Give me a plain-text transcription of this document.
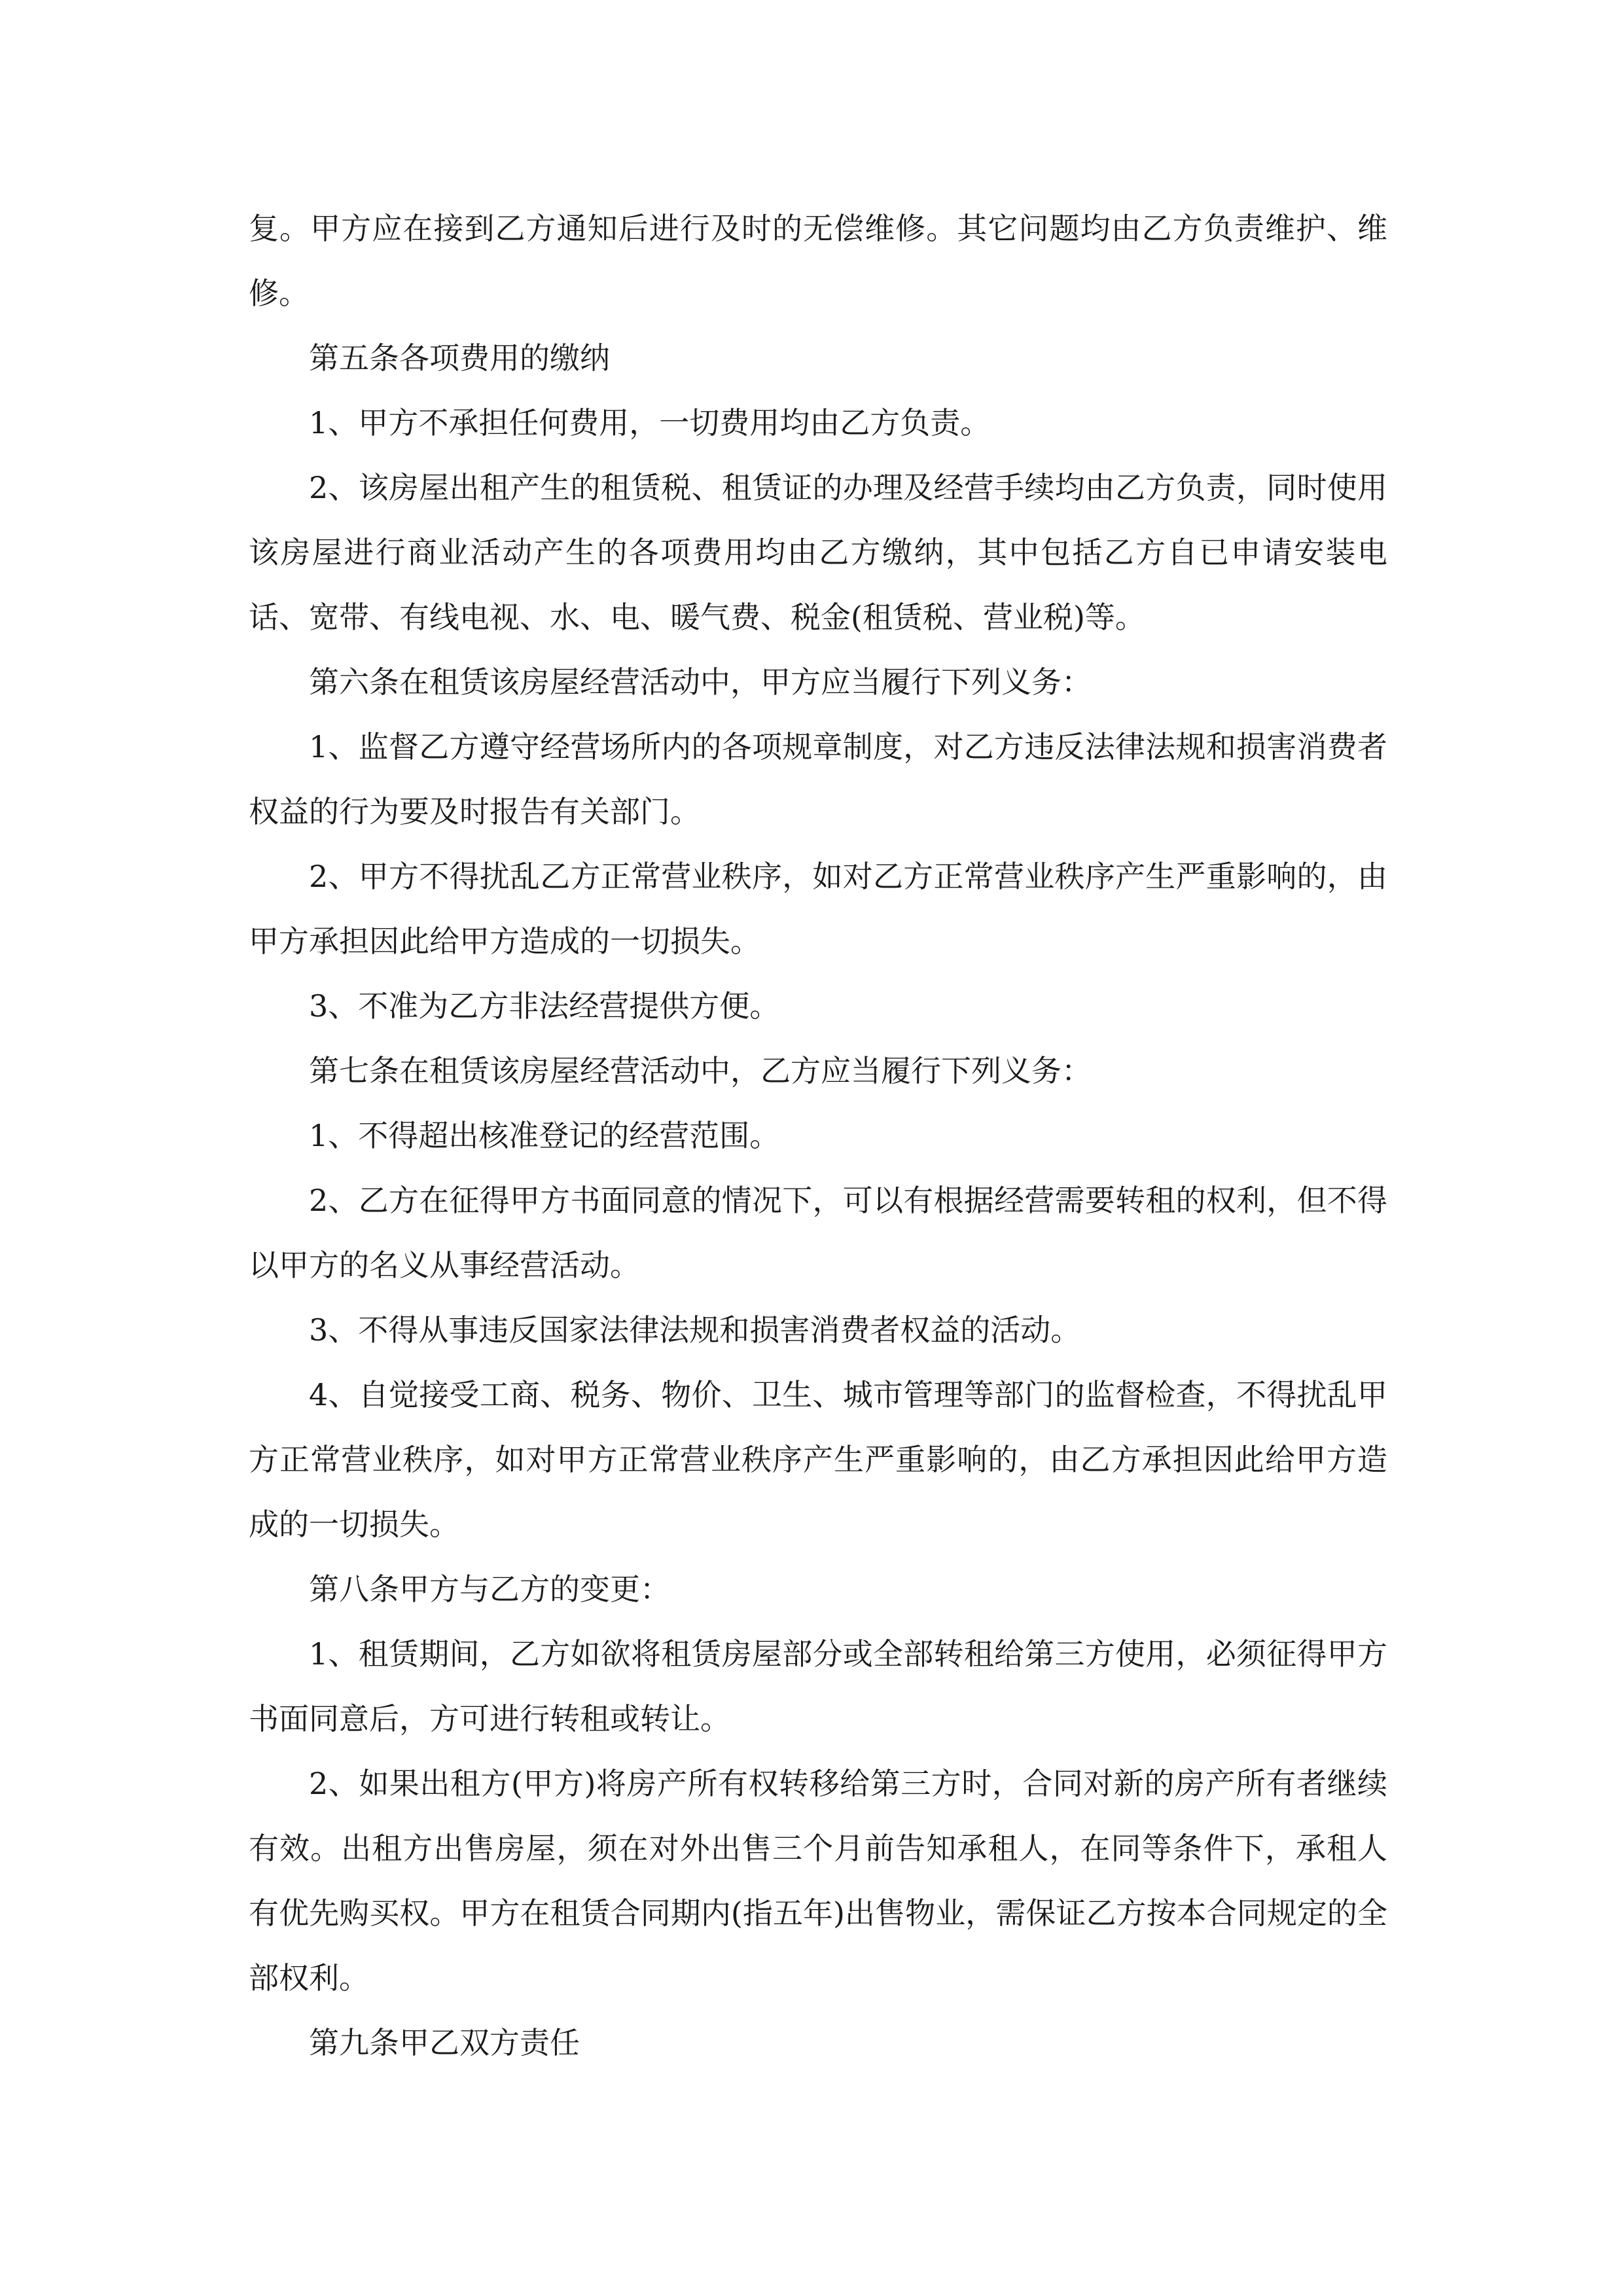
复。甲方应在接到乙方通知后进行及时的无偿维修。其它问题均由乙方负责维护、维修。

第五条各项费用的缴纳

1、甲方不承担任何费用，一切费用均由乙方负责。

2、该房屋出租产生的租赁税、租赁证的办理及经营手续均由乙方负责，同时使用该房屋进行商业活动产生的各项费用均由乙方缴纳，其中包括乙方自已申请安装电话、宽带、有线电视、水、电、暖气费、税金(租赁税、营业税)等。

第六条在租赁该房屋经营活动中，甲方应当履行下列义务：

1、监督乙方遵守经营场所内的各项规章制度，对乙方违反法律法规和损害消费者权益的行为要及时报告有关部门。

2、甲方不得扰乱乙方正常营业秩序，如对乙方正常营业秩序产生严重影响的，由甲方承担因此给甲方造成的一切损失。

3、不准为乙方非法经营提供方便。

第七条在租赁该房屋经营活动中，乙方应当履行下列义务：

1、不得超出核准登记的经营范围。

2、乙方在征得甲方书面同意的情况下，可以有根据经营需要转租的权利，但不得以甲方的名义从事经营活动。

3、不得从事违反国家法律法规和损害消费者权益的活动。

4、自觉接受工商、税务、物价、卫生、城市管理等部门的监督检查，不得扰乱甲方正常营业秩序，如对甲方正常营业秩序产生严重影响的，由乙方承担因此给甲方造成的一切损失。

第八条甲方与乙方的变更：

1、租赁期间，乙方如欲将租赁房屋部分或全部转租给第三方使用，必须征得甲方书面同意后，方可进行转租或转让。

2、如果出租方(甲方)将房产所有权转移给第三方时，合同对新的房产所有者继续有效。出租方出售房屋，须在对外出售三个月前告知承租人，在同等条件下，承租人有优先购买权。甲方在租赁合同期内(指五年)出售物业，需保证乙方按本合同规定的全部权利。

第九条甲乙双方责任
